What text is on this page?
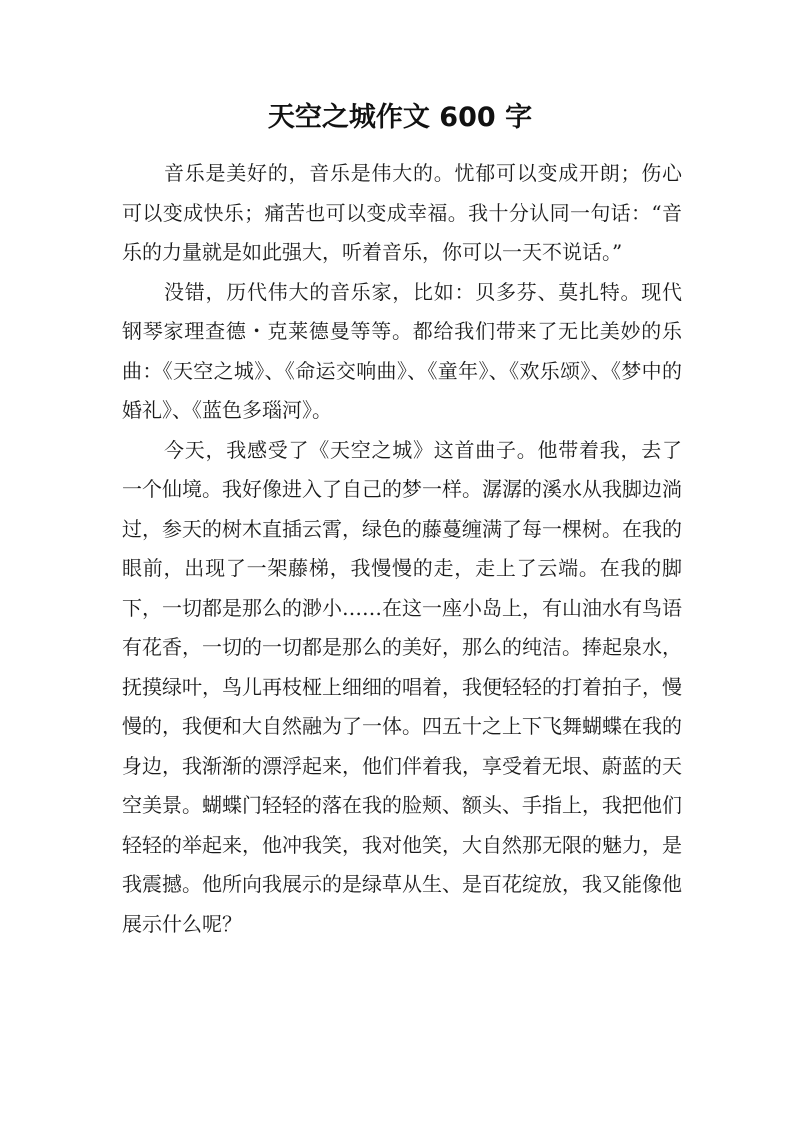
天空之城作文 600 字

音乐是美好的，音乐是伟大的。忧郁可以变成开朗；伤心可以变成快乐；痛苦也可以变成幸福。我十分认同一句话：“音乐的力量就是如此强大，听着音乐，你可以一天不说话。”

没错，历代伟大的音乐家，比如：贝多芬、莫扎特。现代钢琴家理查德・克莱德曼等等。都给我们带来了无比美妙的乐曲：《天空之城》、《命运交响曲》、《童年》、《欢乐颂》、《梦中的婚礼》、《蓝色多瑙河》。

今天，我感受了《天空之城》这首曲子。他带着我，去了一个仙境。我好像进入了自己的梦一样。潺潺的溪水从我脚边淌过，参天的树木直插云霄，绿色的藤蔓缠满了每一棵树。在我的眼前，出现了一架藤梯，我慢慢的走，走上了云端。在我的脚下，一切都是那么的渺小……在这一座小岛上，有山油水有鸟语有花香，一切的一切都是那么的美好，那么的纯洁。捧起泉水，抚摸绿叶，鸟儿再枝桠上细细的唱着，我便轻轻的打着拍子，慢慢的，我便和大自然融为了一体。四五十之上下飞舞蝴蝶在我的身边，我渐渐的漂浮起来，他们伴着我，享受着无垠、蔚蓝的天空美景。蝴蝶门轻轻的落在我的脸颊、额头、手指上，我把他们轻轻的举起来，他冲我笑，我对他笑，大自然那无限的魅力，是我震撼。他所向我展示的是绿草从生、是百花绽放，我又能像他展示什么呢？
